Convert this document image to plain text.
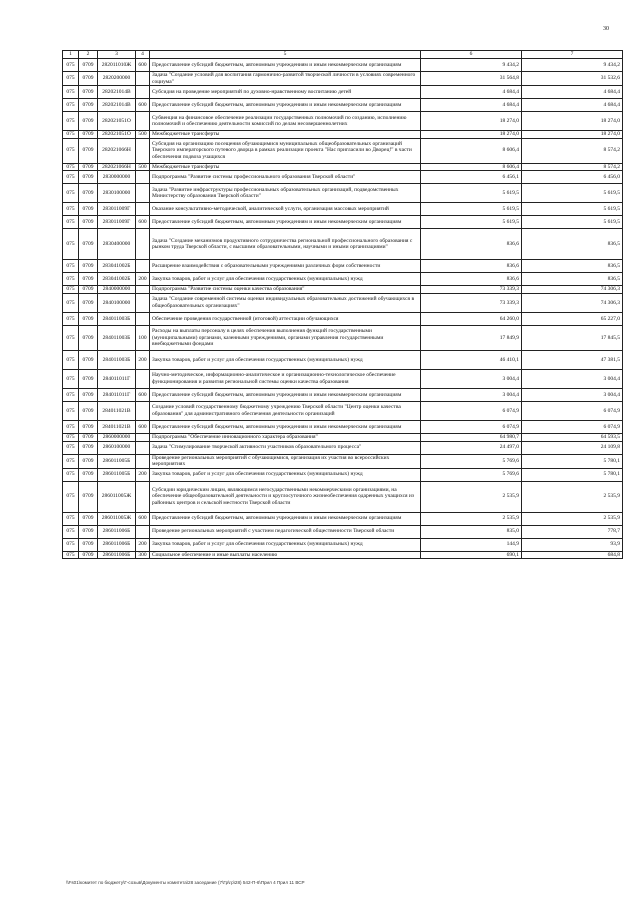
30
1	2	3	4	5	6	7
075	0709	282011010Ж	600	Предоставление субсидий бюджетным, автономным учреждениям и иным некоммерческим организациям	9 434,2	9 434,2
075	0709	2820200000		Задача "Создание условий для воспитания гармонично-развитой творческой личности в условиях современного социума"	31 564,8	31 532,6
075	0709	282021014В		Субсидия на проведение мероприятий по духовно-нравственному воспитанию детей	4 684,4	4 684,4
075	0709	282021014В	600	Предоставление субсидий бюджетным, автономным учреждениям и иным некоммерческим организациям	4 684,4	4 684,4
075	0709	282021051О		Субвенция на финансовое обеспечение реализации государственных полномочий по созданию, исполнению полномочий и обеспечению деятельности комиссий по делам несовершеннолетних	18 274,0	18 274,0
075	0709	282021051О	500	Межбюджетные трансферты	18 274,0	18 274,0
075	0709	282021066Н		Субсидия на организацию посещения обучающимися муниципальных общеобразовательных организаций Тверского императорского путевого дворца в рамках реализации проекта "Нас пригласили во Дворец!" в части обеспечения подвоза учащихся	8 606,4	8 574,2
075	0709	282021066Н	500	Межбюджетные трансферты	8 606,4	8 574,2
075	0709	2830000000		Подпрограмма "Развитие системы профессионального образования Тверской области"	6 456,1	6 456,0
075	0709	2830100000		Задача "Развитие инфраструктуры профессиональных образовательных организаций, подведомственных Министерству образования Тверской области"	5 619,5	5 619,5
075	0709	283011009Г		Оказание консультативно-методической, аналитической услуги, организация массовых мероприятий	5 619,5	5 619,5
075	0709	283011009Г	600	Предоставление субсидий бюджетным, автономным учреждениям и иным некоммерческим организациям	5 619,5	5 619,5
075	0709	2830400000		Задача "Создание механизмов продуктивного сотрудничества региональной профессионального образования с рынком труда Тверской области, с высшими образовательными, научными и иными организациями"	836,6	836,5
075	0709	283041002Б		Расширение взаимодействия с образовательными учреждениями различных форм собственности	836,6	836,5
075	0709	283041002Б	200	Закупка товаров, работ и услуг для обеспечения государственных (муниципальных) нужд	836,6	836,5
075	0709	2840000000		Подпрограмма "Развитие системы оценки качества образования"	73 339,3	74 306,3
075	0709	2840100000		Задача "Создание современной системы оценки индивидуальных образовательных достижений обучающихся в общеобразовательных организациях"	73 339,3	74 306,3
075	0709	284011003Б		Обеспечение проведения государственной (итоговой) аттестации обучающихся	64 260,0	65 227,0
075	0709	284011003Б	100	Расходы на выплаты персоналу в целях обеспечения выполнения функций государственными (муниципальными) органами, казенными учреждениями, органами управления государственными внебюджетными фондами	17 849,9	17 845,5
075	0709	284011003Б	200	Закупка товаров, работ и услуг для обеспечения государственных (муниципальных) нужд	46 410,1	47 381,5
075	0709	284011011Г		Научно-методическое, информационно-аналитическое и организационно-технологическое обеспечение функционирования и развития региональной системы оценки качества образования	3 004,4	3 004,4
075	0709	284011011Г	600	Предоставление субсидий бюджетным, автономным учреждениям и иным некоммерческим организациям	3 004,4	3 004,4
075	0709	284011021В		Создание условий государственному бюджетному учреждению Тверской области "Центр оценки качества образования" для административного обеспечения деятельности организаций	6 074,9	6 074,9
075	0709	284011021В	600	Предоставление субсидий бюджетным, автономным учреждениям и иным некоммерческим организациям	6 074,9	6 074,9
075	0709	2860000000		Подпрограмма "Обеспечение инновационного характера образования"	64 980,7	64 593,5
075	0709	2860100000		Задача "Стимулирование творческой активности участников образовательного процесса"	24 497,0	24 109,8
075	0709	286011005Б		Проведение региональных мероприятий с обучающимися, организация их участия во всероссийских мероприятиях	5 769,6	5 780,1
075	0709	286011005Б	200	Закупка товаров, работ и услуг для обеспечения государственных (муниципальных) нужд	5 769,6	5 780,1
075	0709	286011005Ж		Субсидии юридическим лицам, являющимся негосударственными некоммерческими организациями, на обеспечение общеобразовательной деятельности и круглосуточного жизнеобеспечения одаренных учащихся из районных центров и сельской местности Тверской области	2 535,9	2 535,9
075	0709	286011005Ж	600	Предоставление субсидий бюджетным, автономным учреждениям и иным некоммерческим организациям	2 535,9	2 535,9
075	0709	286011006Б		Проведение региональных мероприятий с участием педагогической общественности Тверской области	835,0	778,7
075	0709	286011006Б	200	Закупка товаров, работ и услуг для обеспечения государственных (муниципальных) нужд	144,9	93,9
075	0709	286011006Б	300	Социальное обеспечение и иные выплаты населению	690,1	684,8
\\Fs01\комитет по бюджету\Г-созыв\Документы комитета\28 заседание (7\Гр\гр\28) 542-П-6\Прил 4 Прил 11 ВСР
